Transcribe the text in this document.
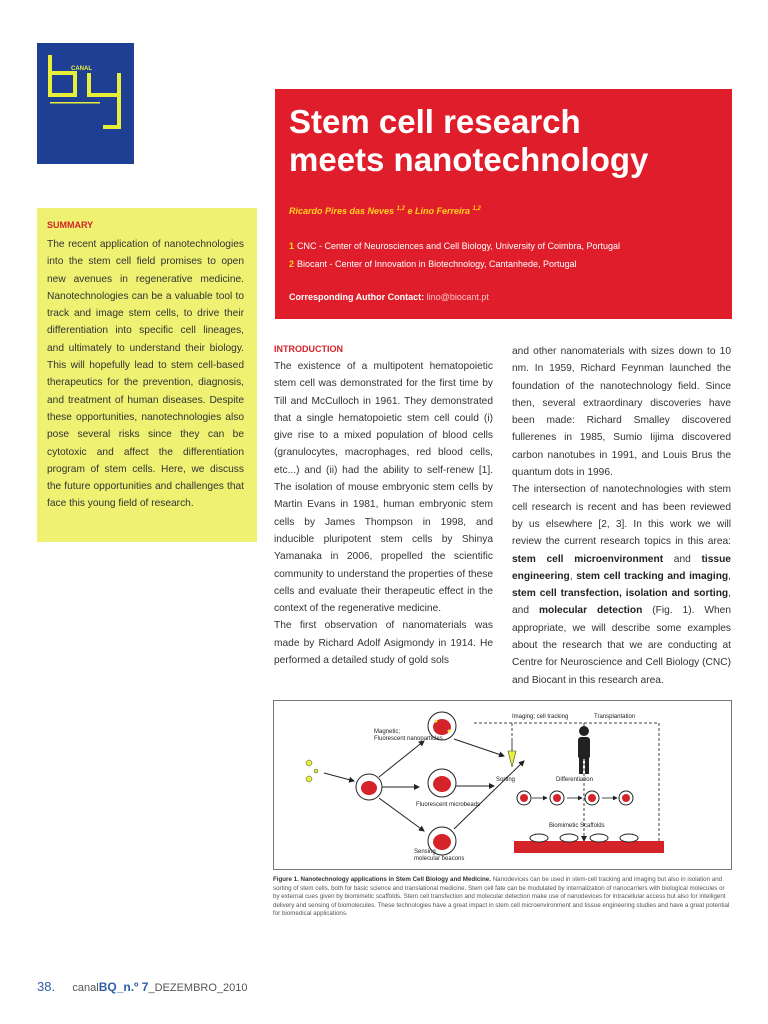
CANAL
Stem cell research
meets nanotechnology
Ricardo Pires das Neves $^{1,2}$ e Lino Ferreira $^{1,2}$
1 CNC - Center of Neurosciences and Cell Biology, University of Coimbra, Portugal
2 Biocant - Center of Innovation in Biotechnology, Cantanhede, Portugal
Corresponding Author Contact: lino@biocant.pt
SUMMARY

The recent application of nanotechnologies into the stem cell field promises to open new avenues in regenerative medicine. Nanotechnologies can be a valuable tool to track and image stem cells, to drive their differentiation into specific cell lineages, and ultimately to understand their biology. This will hopefully lead to stem cell-based therapeutics for the prevention, diagnosis, and treatment of human diseases. Despite these opportunities, nanotechnologies also pose several risks since they can be cytotoxic and affect the differentiation program of stem cells. Here, we discuss the future opportunities and challenges that face this young field of research.

INTRODUCTION

The existence of a multipotent hematopoietic stem cell was demonstrated for the first time by Till and McCulloch in 1961. They demonstrated that a single hematopoietic stem cell could (i) give rise to a mixed population of blood cells (granulocytes, macrophages, red blood cells, etc...) and (ii) had the ability to self-renew [1]. The isolation of mouse embryonic stem cells by Martin Evans in 1981, human embryonic stem cells by James Thompson in 1998, and inducible pluripotent stem cells by Shinya Yamanaka in 2006, propelled the scientific community to understand the properties of these cells and evaluate their therapeutic effect in the context of the regenerative medicine.

The first observation of nanomaterials was made by Richard Adolf Asigmondy in 1914. He performed a detailed study of gold sols

and other nanomaterials with sizes down to 10 nm. In 1959, Richard Feynman launched the foundation of the nanotechnology field. Since then, several extraordinary discoveries have been made: Richard Smalley discovered fullerenes in 1985, Sumio Iijima discovered carbon nanotubes in 1991, and Louis Brus the quantum dots in 1996.

The intersection of nanotechnologies with stem cell research is recent and has been reviewed by us elsewhere [2, 3]. In this work we will review the current research topics in this area: stem cell microenvironment and tissue engineering, stem cell tracking and imaging, stem cell transfection, isolation and sorting, and molecular detection (Fig. 1). When appropriate, we will describe some examples about the research that we are conducting at Centre for Neuroscience and Cell Biology (CNC) and Biocant in this research area.

Imaging; cell tracking	Transplantation
Magnetic;
Fluorescent nanoparticles
Sorting	Differentiation
Fluorescent microbeads
Biomimetic Scaffolds
Sensing
molecular beacons
Figure 1. Nanotechnology applications in Stem Cell Biology and Medicine. Nanodevices can be used in stem-cell tracking and imaging but also in isolation and sorting of stem cells, both for basic science and translational medicine. Stem cell fate can be modulated by internalization of nanocarriers with biological molecules or by external cues given by biomimetic scaffolds. Stem cell transfection and molecular detection make use of nanodevices for intracellular access but also for intelligent delivery and sensing of biomolecules. These technologies have a great impact in stem cell microenvironment and tissue engineering studies and have a great potential for biomedical applications.
38. canalBQ_n.º 7_DEZEMBRO_2010
